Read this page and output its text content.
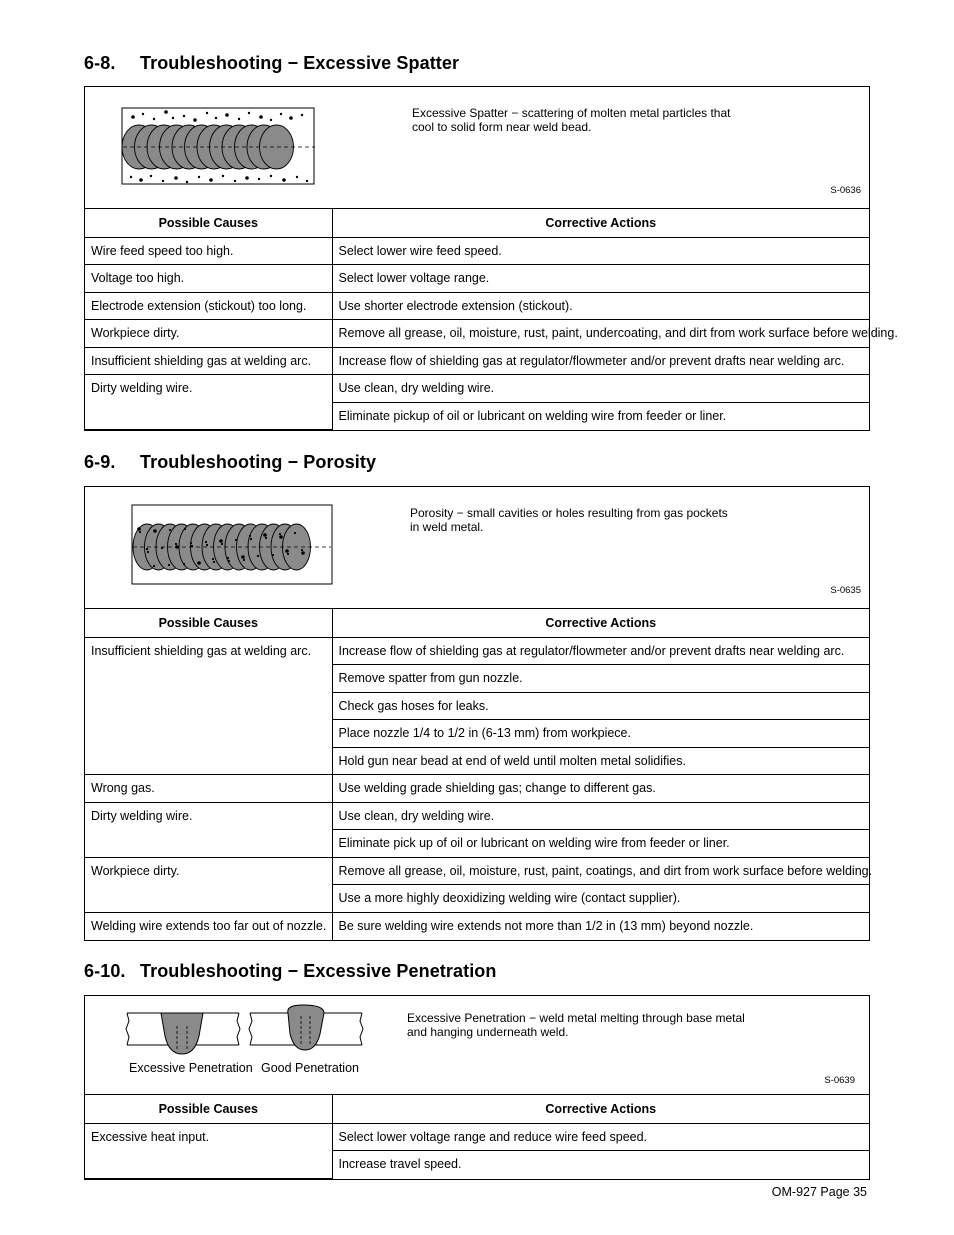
6-8. Troubleshooting − Excessive Spatter
Excessive Spatter − scattering of molten metal particles that
cool to solid form near weld bead.
S-0636
Possible Causes	Corrective Actions
Wire feed speed too high.	Select lower wire feed speed.
Voltage too high.	Select lower voltage range.
Electrode extension (stickout) too long.	Use shorter electrode extension (stickout).
Workpiece dirty.	Remove all grease, oil, moisture, rust, paint, undercoating, and dirt from work surface before welding.
Insufficient shielding gas at welding arc.	Increase flow of shielding gas at regulator/flowmeter and/or prevent drafts near welding arc.
Dirty welding wire.	Use clean, dry welding wire.
	Eliminate pickup of oil or lubricant on welding wire from feeder or liner.
6-9. Troubleshooting − Porosity
Porosity − small cavities or holes resulting from gas pockets
in weld metal.
S-0635
Possible Causes	Corrective Actions
Insufficient shielding gas at welding arc.	Increase flow of shielding gas at regulator/flowmeter and/or prevent drafts near welding arc.
	Remove spatter from gun nozzle.
	Check gas hoses for leaks.
	Place nozzle 1/4 to 1/2 in (6-13 mm) from workpiece.
	Hold gun near bead at end of weld until molten metal solidifies.
Wrong gas.	Use welding grade shielding gas; change to different gas.
Dirty welding wire.	Use clean, dry welding wire.
	Eliminate pick up of oil or lubricant on welding wire from feeder or liner.
Workpiece dirty.	Remove all grease, oil, moisture, rust, paint, coatings, and dirt from work surface before welding.
	Use a more highly deoxidizing welding wire (contact supplier).
Welding wire extends too far out of nozzle.	Be sure welding wire extends not more than 1/2 in (13 mm) beyond nozzle.
6-10. Troubleshooting − Excessive Penetration
Excessive Penetration Good Penetration
Excessive Penetration − weld metal melting through base metal
and hanging underneath weld.
S-0639
Possible Causes	Corrective Actions
Excessive heat input.	Select lower voltage range and reduce wire feed speed.
	Increase travel speed.
OM-927 Page 35
